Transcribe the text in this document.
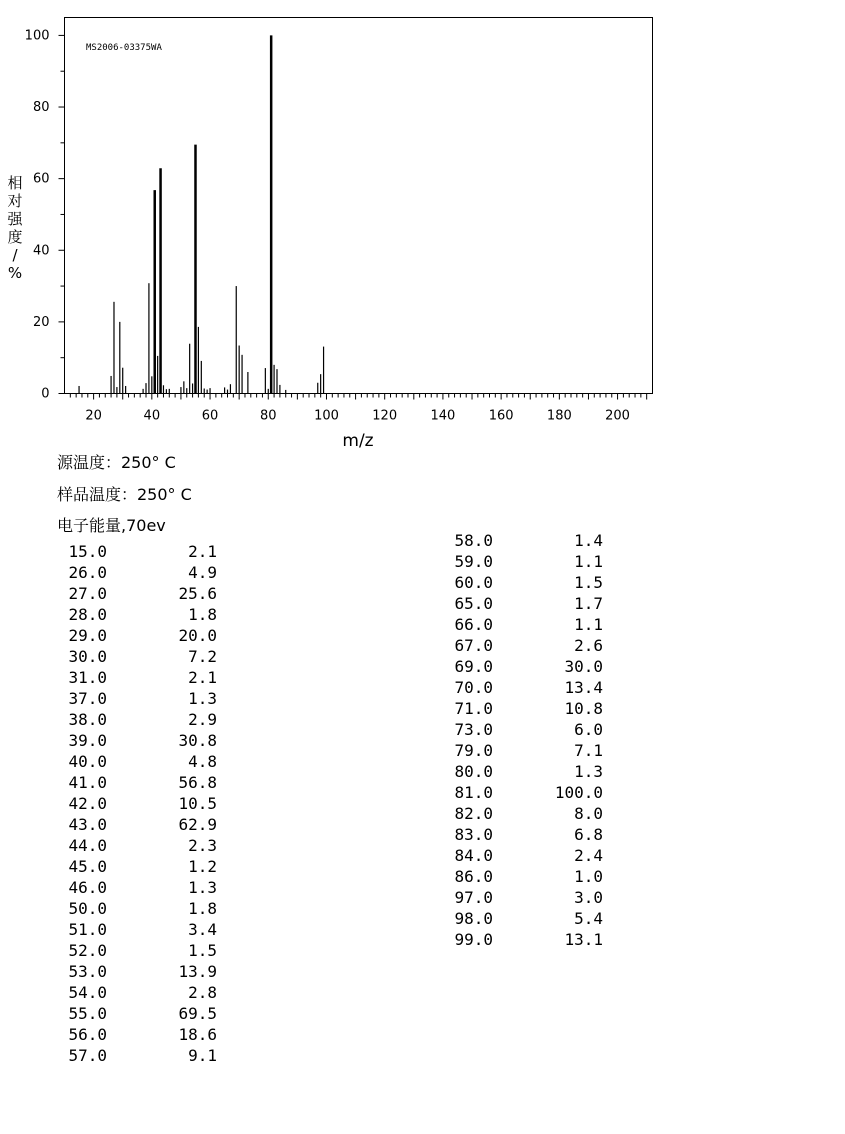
20	40	60	80	100	120	140	160	180	200
0
20
40
60
80
100
MS2006-03375WA
m/z
相
对
强
度
/
%
源温度：250° C
样品温度：250° C
电子能量,70ev
15.0	2.1
26.0	4.9
27.0	25.6
28.0	1.8
29.0	20.0
30.0	7.2
31.0	2.1
37.0	1.3
38.0	2.9
39.0	30.8
40.0	4.8
41.0	56.8
42.0	10.5
43.0	62.9
44.0	2.3
45.0	1.2
46.0	1.3
50.0	1.8
51.0	3.4
52.0	1.5
53.0	13.9
54.0	2.8
55.0	69.5
56.0	18.6
57.0	9.1
58.0	1.4
59.0	1.1
60.0	1.5
65.0	1.7
66.0	1.1
67.0	2.6
69.0	30.0
70.0	13.4
71.0	10.8
73.0	6.0
79.0	7.1
80.0	1.3
81.0	100.0
82.0	8.0
83.0	6.8
84.0	2.4
86.0	1.0
97.0	3.0
98.0	5.4
99.0	13.1
